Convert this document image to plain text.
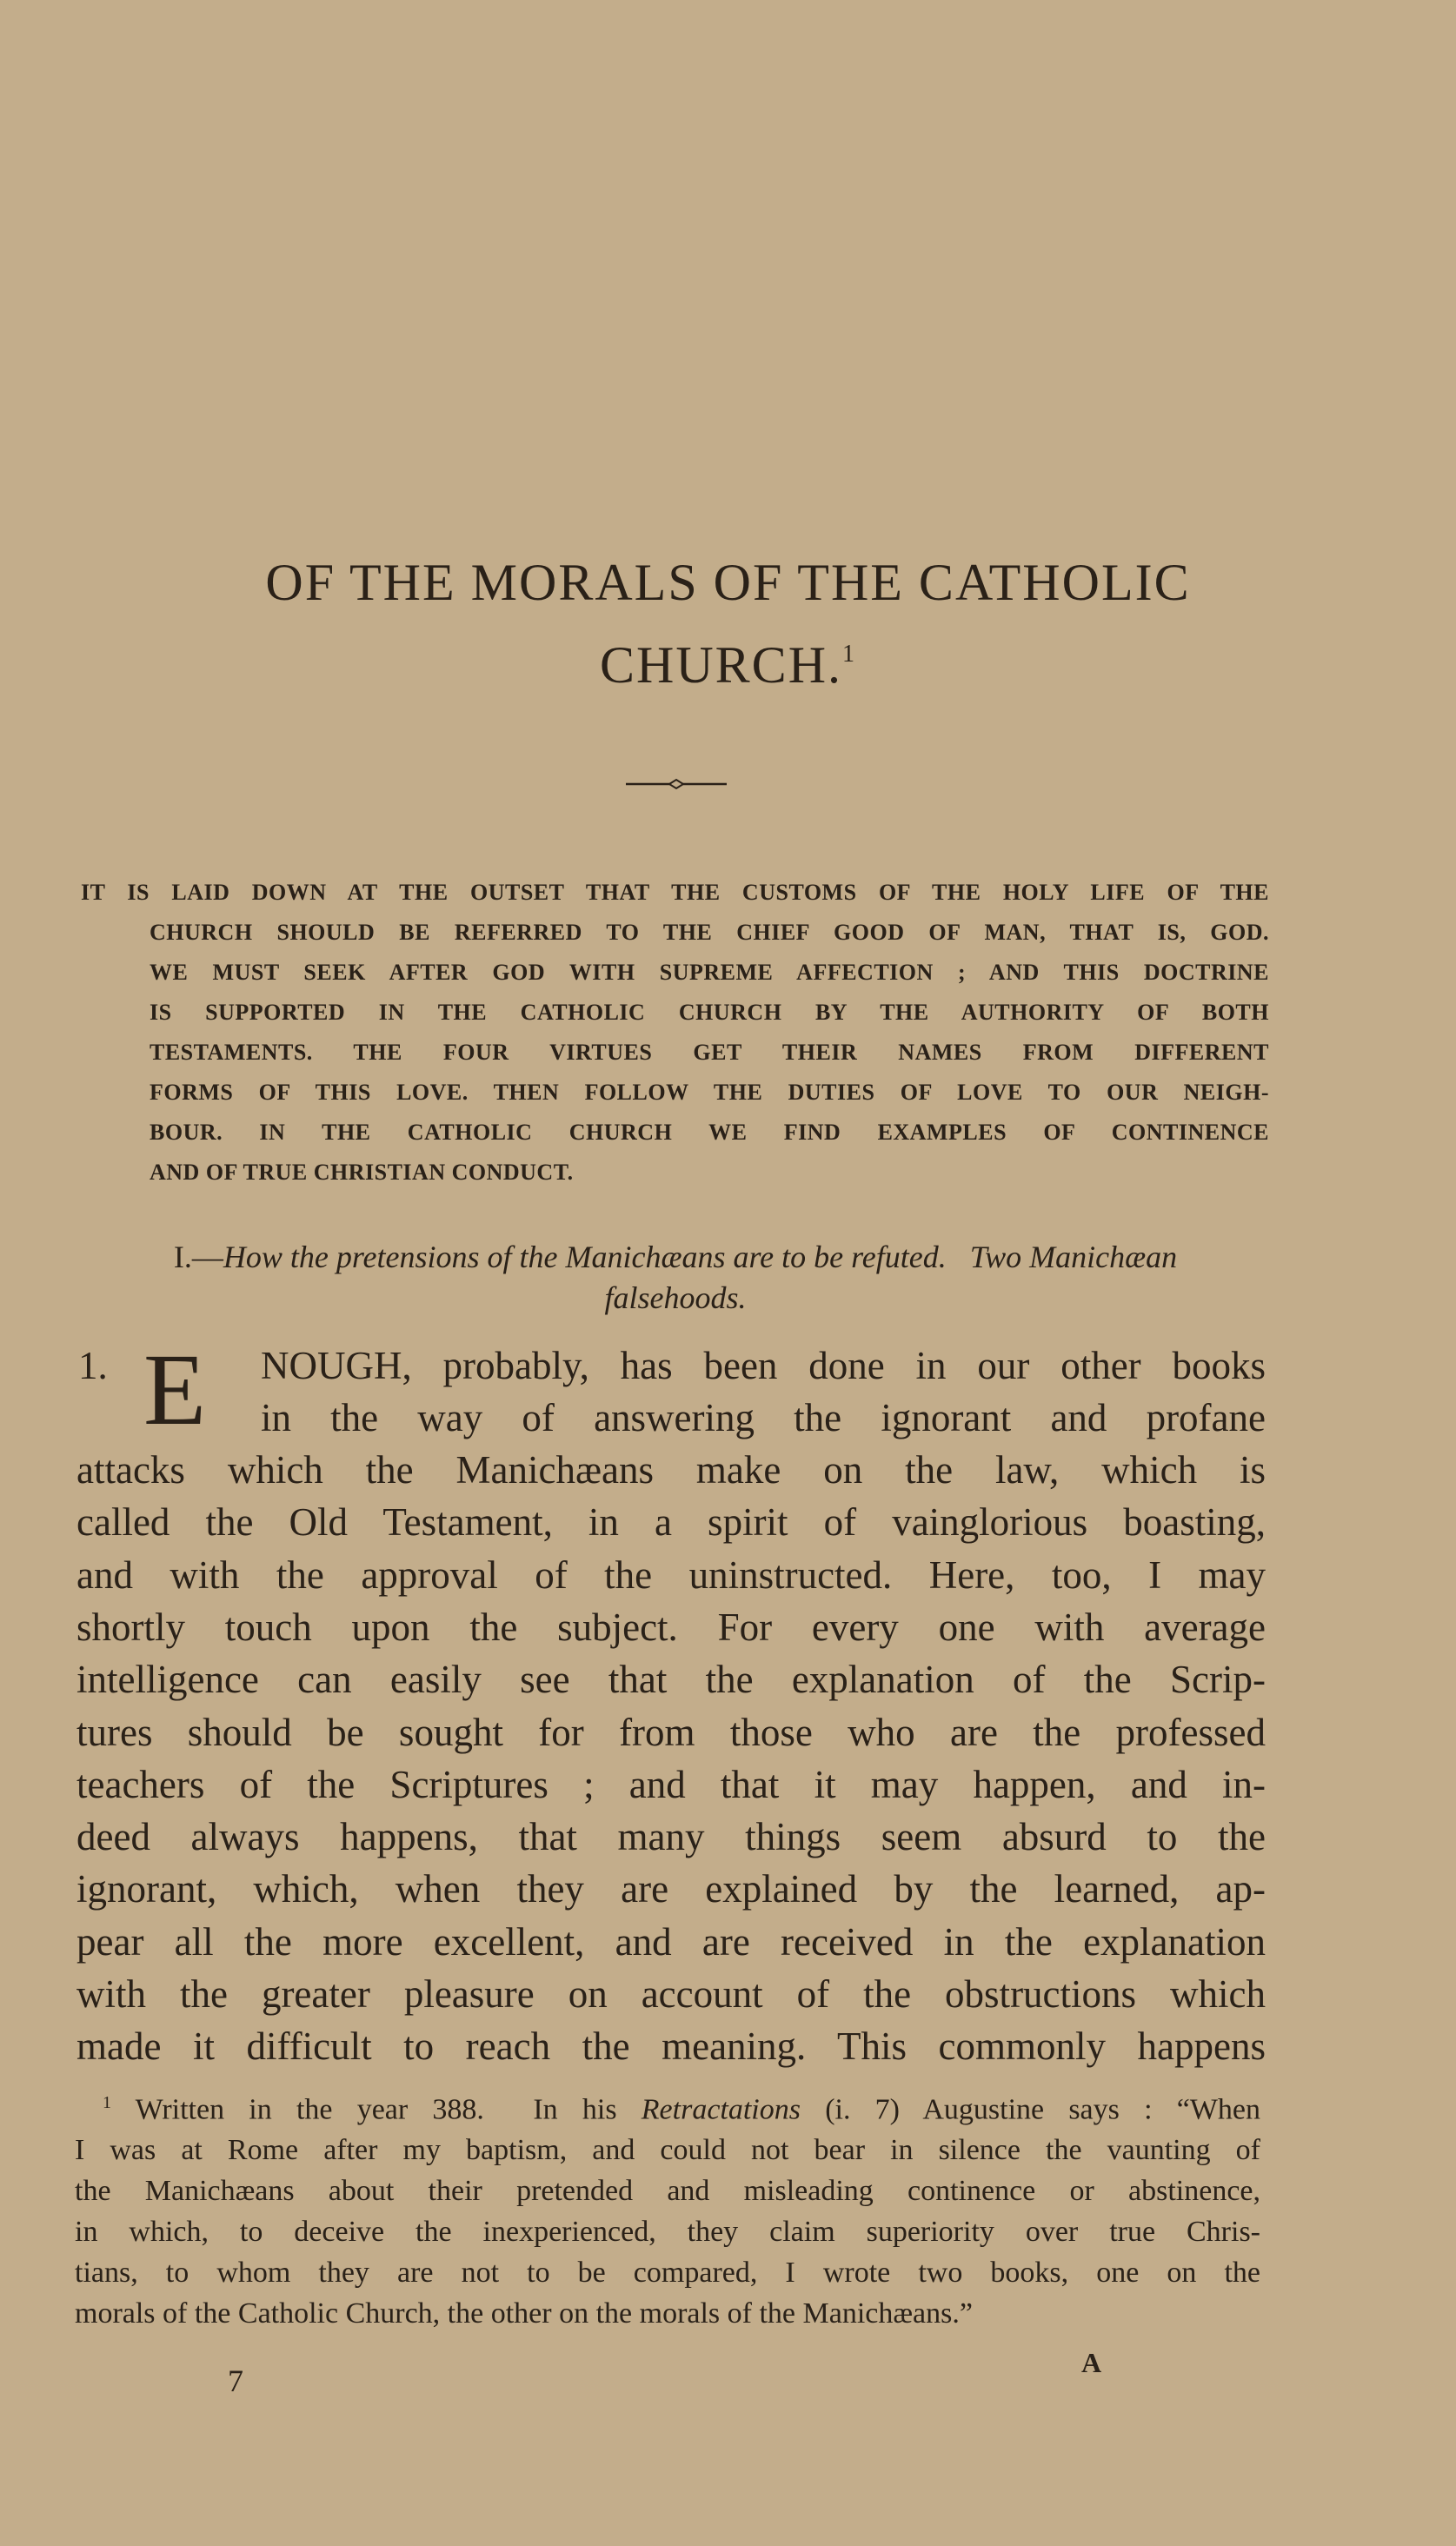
OF THE MORALS OF THE CATHOLIC
CHURCH.$^1$
IT IS LAID DOWN AT THE OUTSET THAT THE CUSTOMS OF THE HOLY LIFE OF THE
CHURCH SHOULD BE REFERRED TO THE CHIEF GOOD OF MAN, THAT IS, GOD.
WE MUST SEEK AFTER GOD WITH SUPREME AFFECTION ; AND THIS DOCTRINE
IS SUPPORTED IN THE CATHOLIC CHURCH BY THE AUTHORITY OF BOTH
TESTAMENTS. THE FOUR VIRTUES GET THEIR NAMES FROM DIFFERENT
FORMS OF THIS LOVE. THEN FOLLOW THE DUTIES OF LOVE TO OUR NEIGH-
BOUR. IN THE CATHOLIC CHURCH WE FIND EXAMPLES OF CONTINENCE
AND OF TRUE CHRISTIAN CONDUCT.
I.—How the pretensions of the Manichæans are to be refuted.   Two Manichæan
falsehoods.
1. E NOUGH, probably, has been done in our other books
in the way of answering the ignorant and profane
attacks which the Manichæans make on the law, which is
called the Old Testament, in a spirit of vainglorious boasting,
and with the approval of the uninstructed. Here, too, I may
shortly touch upon the subject. For every one with average
intelligence can easily see that the explanation of the Scrip-
tures should be sought for from those who are the professed
teachers of the Scriptures ; and that it may happen, and in-
deed always happens, that many things seem absurd to the
ignorant, which, when they are explained by the learned, ap-
pear all the more excellent, and are received in the explanation
with the greater pleasure on account of the obstructions which
made it difficult to reach the meaning. This commonly happens
$^1$ Written in the year 388.  In his Retractations (i. 7) Augustine says : “When
I was at Rome after my baptism, and could not bear in silence the vaunting of
the Manichæans about their pretended and misleading continence or abstinence,
in which, to deceive the inexperienced, they claim superiority over true Chris-
tians, to whom they are not to be compared, I wrote two books, one on the
morals of the Catholic Church, the other on the morals of the Manichæans.”
7
A
